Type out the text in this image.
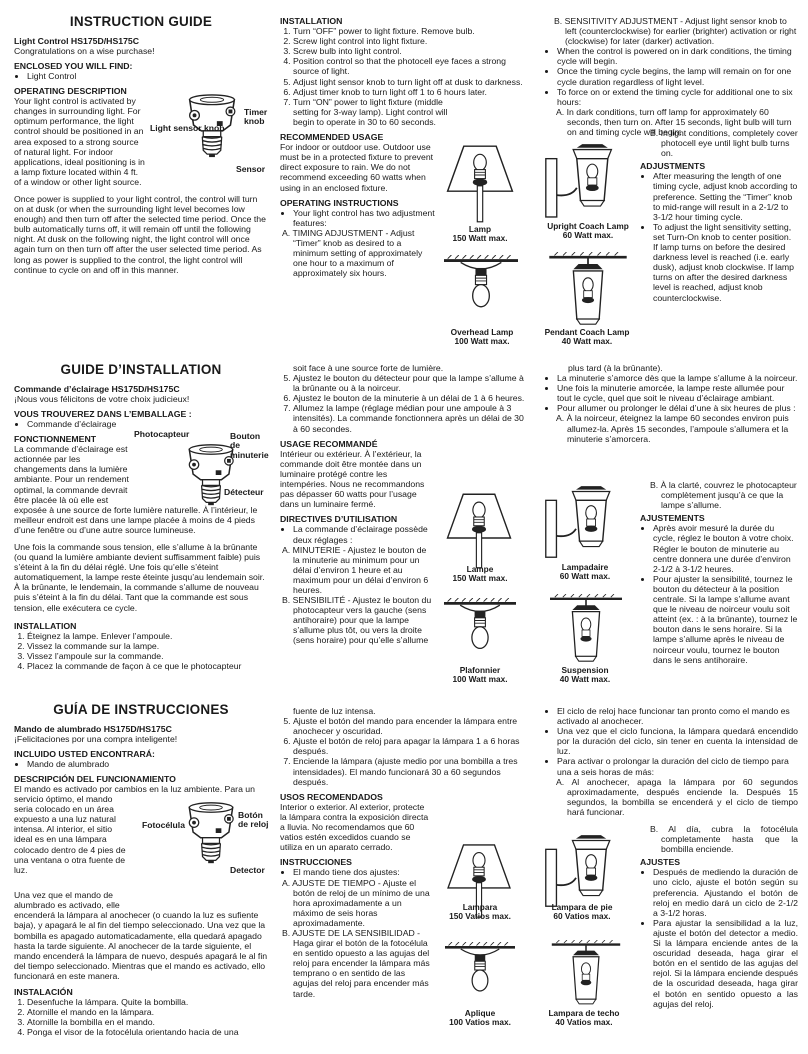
INSTRUCTION GUIDE

Light Control HS175D/HS175C

Congratulations on a wise purchase!

ENCLOSED YOU WILL FIND:

• Light Control

OPERATING DESCRIPTION

Your light control is activated by changes in surrounding light. For optimum performance, the light control should be positioned in an area exposed to a strong source of natural light. For indoor applications, ideal positioning is in a lamp fixture located within 4 ft. of a window or other light source.

Once power is supplied to your light control, the control will turn on at dusk (or when the surrounding light level becomes low enough) and then turn off after the selected time period. Once the bulb automatically turns off, it will remain off until the following night. At dusk on the following night, the light control will once again turn on then turn off after the user selected time period. As long as power is supplied to the control, the light control will continue to cycle on and off in this manner.

Light sensor knob
Timer knob
Sensor

INSTALLATION

1. Turn “OFF” power to light fixture. Remove bulb.
2. Screw light control into light fixture.
3. Screw bulb into light control.
4. Position control so that the photocell eye faces a strong source of light.
5. Adjust light sensor knob to turn light off at dusk to darkness.
6. Adjust timer knob to turn light off 1 to 6 hours later.
7. Turn “ON” power to light fixture (middle setting for 3-way lamp). Light control will begin to operate in 30 to 60 seconds.

RECOMMENDED USAGE

For indoor or outdoor use. Outdoor use must be in a protected fixture to prevent direct exposure to rain. We do not recommend exceeding 60 watts when using in an enclosed fixture.

OPERATING INSTRUCTIONS

• Your light control has two adjustment features:

A. TIMING ADJUSTMENT - Adjust “Timer” knob as desired to a minimum setting of approximately one hour to a maximum of approximately six hours.

Lamp
150 Watt max.
Overhead Lamp
100 Watt max.

B. SENSITIVITY ADJUSTMENT - Adjust light sensor knob to left (counterclockwise) for earlier (brighter) activation or right (clockwise) for later (darker) activation.

• When the control is powered on in dark conditions, the timing cycle will begin.
• Once the timing cycle begins, the lamp will remain on for one cycle duration regardless of light level.
• To force on or extend the timing cycle for additional one to six hours:

A. In dark conditions, turn off lamp for approximately 60 seconds, then turn on. After 15 seconds, light bulb will turn on and timing cycle will begin.

Upright Coach Lamp
60 Watt max.
Pendant Coach Lamp
40 Watt max.

B. In light conditions, completely cover photocell eye until light bulb turns on.

ADJUSTMENTS

• After measuring the length of one timing cycle, adjust knob according to preference. Setting the “Timer” knob to mid-range will result in a 2-1/2 to 3-1/2 hour timing cycle.
• To adjust the light sensitivity setting, set Turn-On knob to center position. If lamp turns on before the desired darkness level is reached (i.e. early dusk), adjust knob clockwise. If lamp turns on after the desired darkness level is reached, adjust knob counterclockwise.
GUIDE D’INSTALLATION

Commande d’éclairage HS175D/HS175C

¡Nous vous félicitons de votre choix judicieux!

VOUS TROUVEREZ DANS L’EMBALLAGE :

• Commande d’éclairage

FONCTIONNEMENT

La commande d’éclairage est actionnée par les changements dans la lumière ambiante. Pour un rendement optimal, la commande devrait être placée là où elle est

exposée à une source de forte lumière naturelle. À l’intérieur, le meilleur endroit est dans une lampe placée à moins de 4 pieds d’une fenêtre ou d’une autre source lumineuse.

Une fois la commande sous tension, elle s’allume à la brûnante (ou quand la lumière ambiante devient suffisamment faible) puis s’éteint à la fin du délai réglé. Une fois qu’elle s’éteint automatiquement, la lampe reste éteinte jusqu’au lendemain soir. À la brûnante, le lendemain, la commande s’allume de nouveau puis s’éteint à la fin du délai. Tant que la commande est sous tension, elle exécutera ce cycle.

INSTALLATION

1. Éteignez la lampe. Enlever l’ampoule.
2. Vissez la commande sur la lampe.
3. Vissez l’ampoule sur la commande.
4. Placez la commande de façon à ce que le photocapteur
Photocapteur	Bouton de minuterie
Détecteur

soit face à une source forte de lumière.

5. Ajustez le bouton du détecteur pour que la lampe s’allume à la brûnante ou à la noirceur.
6. Ajustez le bouton de la minuterie à un délai de 1 à 6 heures.
7. Allumez la lampe (réglage médian pour une ampoule à 3 intensités). La commande fonctionnera après un délai de 30 à 60 secondes.

USAGE RECOMMANDÉ

Intérieur ou extérieur. À l’extérieur, la commande doit être montée dans un luminaire protégé contre les intempéries. Nous ne recommandons pas dépasser 60 watts pour l’usage dans un luminaire fermé.

DIRECTIVES D’UTILISATION

• La commande d’éclairage possède deux réglages :

A. MINUTERIE - Ajustez le bouton de la minuterie au minimum pour un délai d’environ 1 heure et au maximum pour un délai d’environ 6 heures.

B. SENSIBILITÉ - Ajustez le bouton du photocapteur vers la gauche (sens antihoraire) pour que la lampe s’allume plus tôt, ou vers la droite (sens horaire) pour qu’elle s’allume

Lampe
150 Watt max.
Plafonnier
100 Watt max.

plus tard (à la brûnante).

• La minuterie s’amorce dès que la lampe s’allume à la noirceur.
• Une fois la minuterie amorcée, la lampe reste allumée pour tout le cycle, quel que soit le niveau d’éclairage ambiant.
• Pour allumer ou prolonger le délai d’une à six heures de plus :

A. À la noirceur, éteignez la lampe 60 secondes environ puis allumez-la. Après 15 secondes, l’ampoule s’allumera et la minuterie s’amorcera.

Lampadaire
60 Watt max.
Suspension
40 Watt max.

B. À la clarté, couvrez le photocapteur complètement jusqu’à ce que la lampe s’allume.

AJUSTEMENTS

• Après avoir mesuré la durée du cycle, réglez le bouton à votre choix. Régler le bouton de minuterie au centre donnera une durée d’environ 2-1/2 à 3-1/2 heures.
• Pour ajuster la sensibilité, tournez le bouton du détecteur à la position centrale. Si la lampe s’allume avant que le niveau de noirceur voulu soit atteint (ex. : à la brûnante), tournez le bouton dans le sens horaire. Si la lampe s’allume après le niveau de noirceur voulu, tournez le bouton dans le sens antihoraire.
GUÍA DE INSTRUCCIONES

Mando de alumbrado HS175D/HS175C

¡Felicitaciones por una compra inteligente!

INCLUIDO USTED ENCONTRARÁ:

• Mando de alumbrado

DESCRIPCIÓN DEL FUNCIONAMIENTO

El mando es activado por cambios en la luz ambiente. Para un servicio óptimo, el mando

seria colocado en un área expuesto a una luz natural intensa. Al interior, el sitio ideal es en una lámpara colocado dentro de 4 pies de una ventana o otra fuente de luz.

Una vez que el mando de alumbrado es activado, elle

encenderá la lámpara al anochecer (o cuando la luz es sufiente baja), y apagará le al fin del tiempo seleccionado. Una vez que la bombilla es apagado automaticadamente, ella quedará apagado hasta la tarde siguiente. Al anochecer de la tarde siguiente, el mando encenderá la lámpara de nuevo, después apagará le al fin del tiempo seleccionado. Mientras que el mando es activado, ello funcionará en este manera.

INSTALACIÓN

1. Desenfuche la lámpara. Quite la bombilla.
2. Atornille el mando en la lámpara.
3. Atornille la bombilla en el mando.
4. Ponga el visor de la fotocélula orientando hacia de una
Fotocélula
Botón de reloj
Detector

fuente de luz intensa.

5. Ajuste el botón del mando para encender la lámpara entre anochecer y oscuridad.
6. Ajuste el botón de reloj para apagar la lámpara 1 a 6 horas después.
7. Enciende la lámpara (ajuste medio por una bombilla a tres intensidades). El mando funcionará 30 a 60 segundos después.

USOS RECOMENDADOS

Interior o exterior. Al exterior, protecte la lámpara contra la exposición directa a lluvia. No recomendamos que 60 vatios estén excedidos cuando se utiliza en un aparato cerrado.

INSTRUCCIONES

• El mando tiene dos ajustes:

A. AJUSTE DE TIEMPO - Ajuste el botón de reloj de un mínimo de una hora aproximadamente a un máximo de seis horas aproximadamente.

B. AJUSTE DE LA SENSIBILIDAD - Haga girar el botón de la fotocélula en sentido opuesto a las agujas del reloj para encender la lámpara más temprano o en sentido de las agujas del reloj para encender más tarde.

Lampara
150 Vatios max.
Aplique
100 Vatios max.
• El ciclo de reloj hace funcionar tan pronto como el mando es activado al anochecer.
• Una vez que el ciclo funciona, la lámpara quedará encendido por la duración del ciclo, sin tener en cuenta la intensidad de luz.
• Para activar o prolongar la duración del ciclo de tiempo para una a seis horas de más:

A. Al anochecer, apaga la lámpara por 60 segundos aproximadamente, después enciende la. Después 15 segundos, la bombilla se encenderá y el ciclo de tiempo hará funcionar.

Lampara de pie
60 Vatios max.
Lampara de techo
40 Vatios max.

B. Al día, cubra la fotocélula completamente hasta que la bombilla enciende.

AJUSTES

• Después de mediendo la duración de uno ciclo, ajuste el botón según su preferencia. Ajustando el botón de reloj en medio dará un ciclo de 2-1/2 a 3-1/2 horas.
• Para ajustar la sensibilidad a la luz, ajuste el botón del detector a medio. Si la lámpara enciende antes de la oscuridad deseada, haga girar el botón en el sentido de las agujas del rejol. Si la lámpara enciende después de la oscuridad deseada, haga girar el botón en sentido opuesto a las agujas del reloj.
